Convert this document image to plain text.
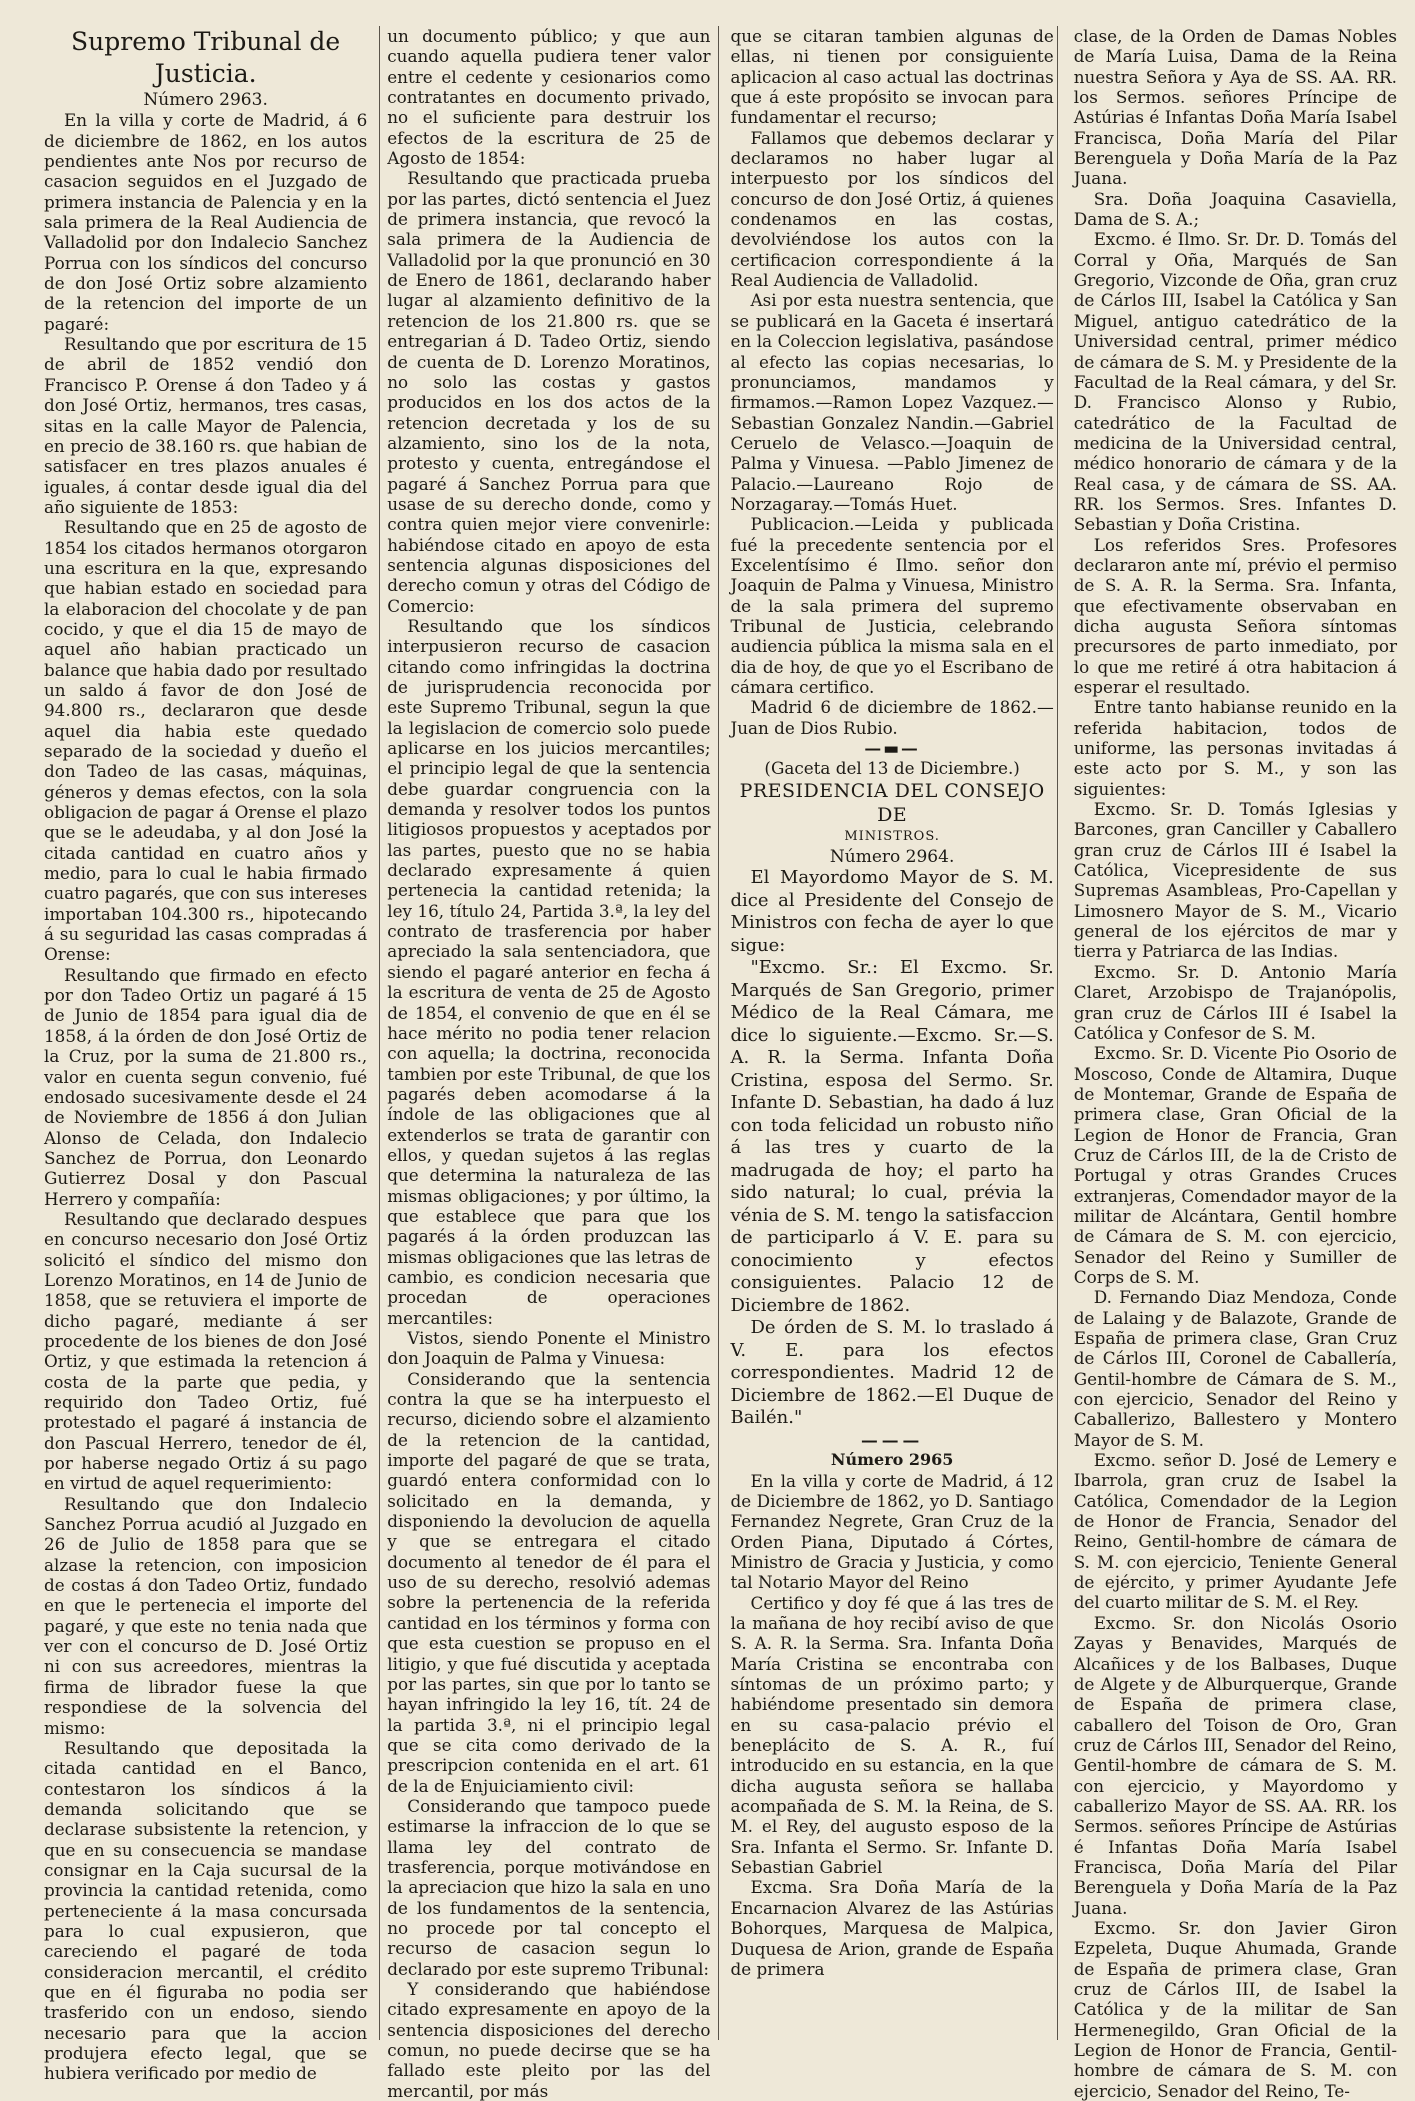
Supremo Tribunal de Justicia.

Número 2963.

En la villa y corte de Madrid, á 6 de diciembre de 1862, en los autos pendientes ante Nos por recurso de casacion seguidos en el Juzgado de primera instancia de Palencia y en la sala primera de la Real Audiencia de Valladolid por don Indalecio Sanchez Porrua con los síndicos del concurso de don José Ortiz sobre alzamiento de la retencion del importe de un pagaré:

Resultando que por escritura de 15 de abril de 1852 vendió don Francisco P. Orense á don Tadeo y á don José Ortiz, hermanos, tres casas, sitas en la calle Mayor de Palencia, en precio de 38.160 rs. que habian de satisfacer en tres plazos anuales é iguales, á contar desde igual dia del año siguiente de 1853:

Resultando que en 25 de agosto de 1854 los citados hermanos otorgaron una escritura en la que, expresando que habian estado en sociedad para la elaboracion del chocolate y de pan cocido, y que el dia 15 de mayo de aquel año habian practicado un balance que habia dado por resultado un saldo á favor de don José de 94.800 rs., declararon que desde aquel dia habia este quedado separado de la sociedad y dueño el don Tadeo de las casas, máquinas, géneros y demas efectos, con la sola obligacion de pagar á Orense el plazo que se le adeudaba, y al don José la citada cantidad en cuatro años y medio, para lo cual le habia firmado cuatro pagarés, que con sus intereses importaban 104.300 rs., hipotecando á su seguridad las casas compradas á Orense:

Resultando que firmado en efecto por don Tadeo Ortiz un pagaré á 15 de Junio de 1854 para igual dia de 1858, á la órden de don José Ortiz de la Cruz, por la suma de 21.800 rs., valor en cuenta segun convenio, fué endosado sucesivamente desde el 24 de Noviembre de 1856 á don Julian Alonso de Celada, don Indalecio Sanchez de Porrua, don Leonardo Gutierrez Dosal y don Pascual Herrero y compañía:

Resultando que declarado despues en concurso necesario don José Ortiz solicitó el síndico del mismo don Lorenzo Moratinos, en 14 de Junio de 1858, que se retuviera el importe de dicho pagaré, mediante á ser procedente de los bienes de don José Ortiz, y que estimada la retencion á costa de la parte que pedia, y requirido don Tadeo Ortiz, fué protestado el pagaré á instancia de don Pascual Herrero, tenedor de él, por haberse negado Ortiz á su pago en virtud de aquel requerimiento:

Resultando que don Indalecio Sanchez Porrua acudió al Juzgado en 26 de Julio de 1858 para que se alzase la retencion, con imposicion de costas á don Tadeo Ortiz, fundado en que le pertenecia el importe del pagaré, y que este no tenia nada que ver con el concurso de D. José Ortiz ni con sus acreedores, mientras la firma de librador fuese la que respondiese de la solvencia del mismo:

Resultando que depositada la citada cantidad en el Banco, contestaron los síndicos á la demanda solicitando que se declarase subsistente la retencion, y que en su consecuencia se mandase consignar en la Caja sucursal de la provincia la cantidad retenida, como perteneciente á la masa concursada para lo cual expusieron, que careciendo el pagaré de toda consideracion mercantil, el crédito que en él figuraba no podia ser trasferido con un endoso, siendo necesario para que la accion produjera efecto legal, que se hubiera verificado por medio de

un documento público; y que aun cuando aquella pudiera tener valor entre el cedente y cesionarios como contratantes en documento privado, no el suficiente para destruir los efectos de la escritura de 25 de Agosto de 1854:

Resultando que practicada prueba por las partes, dictó sentencia el Juez de primera instancia, que revocó la sala primera de la Audiencia de Valladolid por la que pronunció en 30 de Enero de 1861, declarando haber lugar al alzamiento definitivo de la retencion de los 21.800 rs. que se entregarian á D. Tadeo Ortiz, siendo de cuenta de D. Lorenzo Moratinos, no solo las costas y gastos producidos en los dos actos de la retencion decretada y los de su alzamiento, sino los de la nota, protesto y cuenta, entregándose el pagaré á Sanchez Porrua para que usase de su derecho donde, como y contra quien mejor viere convenirle: habiéndose citado en apoyo de esta sentencia algunas disposiciones del derecho comun y otras del Código de Comercio:

Resultando que los síndicos interpusieron recurso de casacion citando como infringidas la doctrina de jurisprudencia reconocida por este Supremo Tribunal, segun la que la legislacion de comercio solo puede aplicarse en los juicios mercantiles; el principio legal de que la sentencia debe guardar congruencia con la demanda y resolver todos los puntos litigiosos propuestos y aceptados por las partes, puesto que no se habia declarado expresamente á quien pertenecia la cantidad retenida; la ley 16, título 24, Partida 3.ª, la ley del contrato de trasferencia por haber apreciado la sala sentenciadora, que siendo el pagaré anterior en fecha á la escritura de venta de 25 de Agosto de 1854, el convenio de que en él se hace mérito no podia tener relacion con aquella; la doctrina, reconocida tambien por este Tribunal, de que los pagarés deben acomodarse á la índole de las obligaciones que al extenderlos se trata de garantir con ellos, y quedan sujetos á las reglas que determina la naturaleza de las mismas obligaciones; y por último, la que establece que para que los pagarés á la órden produzcan las mismas obligaciones que las letras de cambio, es condicion necesaria que procedan de operaciones mercantiles:

Vistos, siendo Ponente el Ministro don Joaquin de Palma y Vinuesa:

Considerando que la sentencia contra la que se ha interpuesto el recurso, diciendo sobre el alzamiento de la retencion de la cantidad, importe del pagaré de que se trata, guardó entera conformidad con lo solicitado en la demanda, y disponiendo la devolucion de aquella y que se entregara el citado documento al tenedor de él para el uso de su derecho, resolvió ademas sobre la pertenencia de la referida cantidad en los términos y forma con que esta cuestion se propuso en el litigio, y que fué discutida y aceptada por las partes, sin que por lo tanto se hayan infringido la ley 16, tít. 24 de la partida 3.ª, ni el principio legal que se cita como derivado de la prescripcion contenida en el art. 61 de la de Enjuiciamiento civil:

Considerando que tampoco puede estimarse la infraccion de lo que se llama ley del contrato de trasferencia, porque motivándose en la apreciacion que hizo la sala en uno de los fundamentos de la sentencia, no procede por tal concepto el recurso de casacion segun lo declarado por este supremo Tribunal:

Y considerando que habiéndose citado expresamente en apoyo de la sentencia disposiciones del derecho comun, no puede decirse que se ha fallado este pleito por las del mercantil, por más

que se citaran tambien algunas de ellas, ni tienen por consiguiente aplicacion al caso actual las doctrinas que á este propósito se invocan para fundamentar el recurso;

Fallamos que debemos declarar y declaramos no haber lugar al interpuesto por los síndicos del concurso de don José Ortiz, á quienes condenamos en las costas, devolviéndose los autos con la certificacion correspondiente á la Real Audiencia de Valladolid.

Asi por esta nuestra sentencia, que se publicará en la Gaceta é insertará en la Coleccion legislativa, pasándose al efecto las copias necesarias, lo pronunciamos, mandamos y firmamos.—Ramon Lopez Vazquez.—Sebastian Gonzalez Nandin.—Gabriel Ceruelo de Velasco.—Joaquin de Palma y Vinuesa. —Pablo Jimenez de Palacio.—Laureano Rojo de Norzagaray.—Tomás Huet.

Publicacion.—Leida y publicada fué la precedente sentencia por el Excelentísimo é Ilmo. señor don Joaquin de Palma y Vinuesa, Ministro de la sala primera del supremo Tribunal de Justicia, celebrando audiencia pública la misma sala en el dia de hoy, de que yo el Escribano de cámara certifico.

Madrid 6 de diciembre de 1862.— Juan de Dios Rubio.

—▬—

(Gaceta del 13 de Diciembre.)

PRESIDENCIA DEL CONSEJO DE

MINISTROS.

Número 2964.

El Mayordomo Mayor de S. M. dice al Presidente del Consejo de Ministros con fecha de ayer lo que sigue:

"Excmo. Sr.: El Excmo. Sr. Marqués de San Gregorio, primer Médico de la Real Cámara, me dice lo siguiente.—Excmo. Sr.—S. A. R. la Serma. Infanta Doña Cristina, esposa del Sermo. Sr. Infante D. Sebastian, ha dado á luz con toda felicidad un robusto niño á las tres y cuarto de la madrugada de hoy; el parto ha sido natural; lo cual, prévia la vénia de S. M. tengo la satisfaccion de participarlo á V. E. para su conocimiento y efectos consiguientes. Palacio 12 de Diciembre de 1862.

De órden de S. M. lo traslado á V. E. para los efectos correspondientes. Madrid 12 de Diciembre de 1862.—El Duque de Bailén."

———

Número 2965

En la villa y corte de Madrid, á 12 de Diciembre de 1862, yo D. Santiago Fernandez Negrete, Gran Cruz de la Orden Piana, Diputado á Córtes, Ministro de Gracia y Justicia, y como tal Notario Mayor del Reino

Certifico y doy fé que á las tres de la mañana de hoy recibí aviso de que S. A. R. la Serma. Sra. Infanta Doña María Cristina se encontraba con síntomas de un próximo parto; y habiéndome presentado sin demora en su casa-palacio prévio el beneplácito de S. A. R., fuí introducido en su estancia, en la que dicha augusta señora se hallaba acompañada de S. M. la Reina, de S. M. el Rey, del augusto esposo de la Sra. Infanta el Sermo. Sr. Infante D. Sebastian Gabriel

Excma. Sra Doña María de la Encarnacion Alvarez de las Astúrias Bohorques, Marquesa de Malpica, Duquesa de Arion, grande de España de primera

clase, de la Orden de Damas Nobles de María Luisa, Dama de la Reina nuestra Señora y Aya de SS. AA. RR. los Sermos. señores Príncipe de Astúrias é Infantas Doña María Isabel Francisca, Doña María del Pilar Berenguela y Doña María de la Paz Juana.

Sra. Doña Joaquina Casaviella, Dama de S. A.;

Excmo. é Ilmo. Sr. Dr. D. Tomás del Corral y Oña, Marqués de San Gregorio, Vizconde de Oña, gran cruz de Cárlos III, Isabel la Católica y San Miguel, antiguo catedrático de la Universidad central, primer médico de cámara de S. M. y Presidente de la Facultad de la Real cámara, y del Sr. D. Francisco Alonso y Rubio, catedrático de la Facultad de medicina de la Universidad central, médico honorario de cámara y de la Real casa, y de cámara de SS. AA. RR. los Sermos. Sres. Infantes D. Sebastian y Doña Cristina.

Los referidos Sres. Profesores declararon ante mí, prévio el permiso de S. A. R. la Serma. Sra. Infanta, que efectivamente observaban en dicha augusta Señora síntomas precursores de parto inmediato, por lo que me retiré á otra habitacion á esperar el resultado.

Entre tanto habianse reunido en la referida habitacion, todos de uniforme, las personas invitadas á este acto por S. M., y son las siguientes:

Excmo. Sr. D. Tomás Iglesias y Barcones, gran Canciller y Caballero gran cruz de Cárlos III é Isabel la Católica, Vicepresidente de sus Supremas Asambleas, Pro-Capellan y Limosnero Mayor de S. M., Vicario general de los ejércitos de mar y tierra y Patriarca de las Indias.

Excmo. Sr. D. Antonio María Claret, Arzobispo de Trajanópolis, gran cruz de Cárlos III é Isabel la Católica y Confesor de S. M.

Excmo. Sr. D. Vicente Pio Osorio de Moscoso, Conde de Altamira, Duque de Montemar, Grande de España de primera clase, Gran Oficial de la Legion de Honor de Francia, Gran Cruz de Cárlos III, de la de Cristo de Portugal y otras Grandes Cruces extranjeras, Comendador mayor de la militar de Alcántara, Gentil hombre de Cámara de S. M. con ejercicio, Senador del Reino y Sumiller de Corps de S. M.

D. Fernando Diaz Mendoza, Conde de Lalaing y de Balazote, Grande de España de primera clase, Gran Cruz de Cárlos III, Coronel de Caballería, Gentil-hombre de Cámara de S. M., con ejercicio, Senador del Reino y Caballerizo, Ballestero y Montero Mayor de S. M.

Excmo. señor D. José de Lemery e Ibarrola, gran cruz de Isabel la Católica, Comendador de la Legion de Honor de Francia, Senador del Reino, Gentil-hombre de cámara de S. M. con ejercicio, Teniente General de ejército, y primer Ayudante Jefe del cuarto militar de S. M. el Rey.

Excmo. Sr. don Nicolás Osorio Zayas y Benavides, Marqués de Alcañices y de los Balbases, Duque de Algete y de Alburquerque, Grande de España de primera clase, caballero del Toison de Oro, Gran cruz de Cárlos III, Senador del Reino, Gentil-hombre de cámara de S. M. con ejercicio, y Mayordomo y caballerizo Mayor de SS. AA. RR. los Sermos. señores Príncipe de Astúrias é Infantas Doña María Isabel Francisca, Doña María del Pilar Berenguela y Doña María de la Paz Juana.

Excmo. Sr. don Javier Giron Ezpeleta, Duque Ahumada, Grande de España de primera clase, Gran cruz de Cárlos III, de Isabel la Católica y de la militar de San Hermenegildo, Gran Oficial de la Legion de Honor de Francia, Gentil-hombre de cámara de S. M. con ejercicio, Senador del Reino, Te-
